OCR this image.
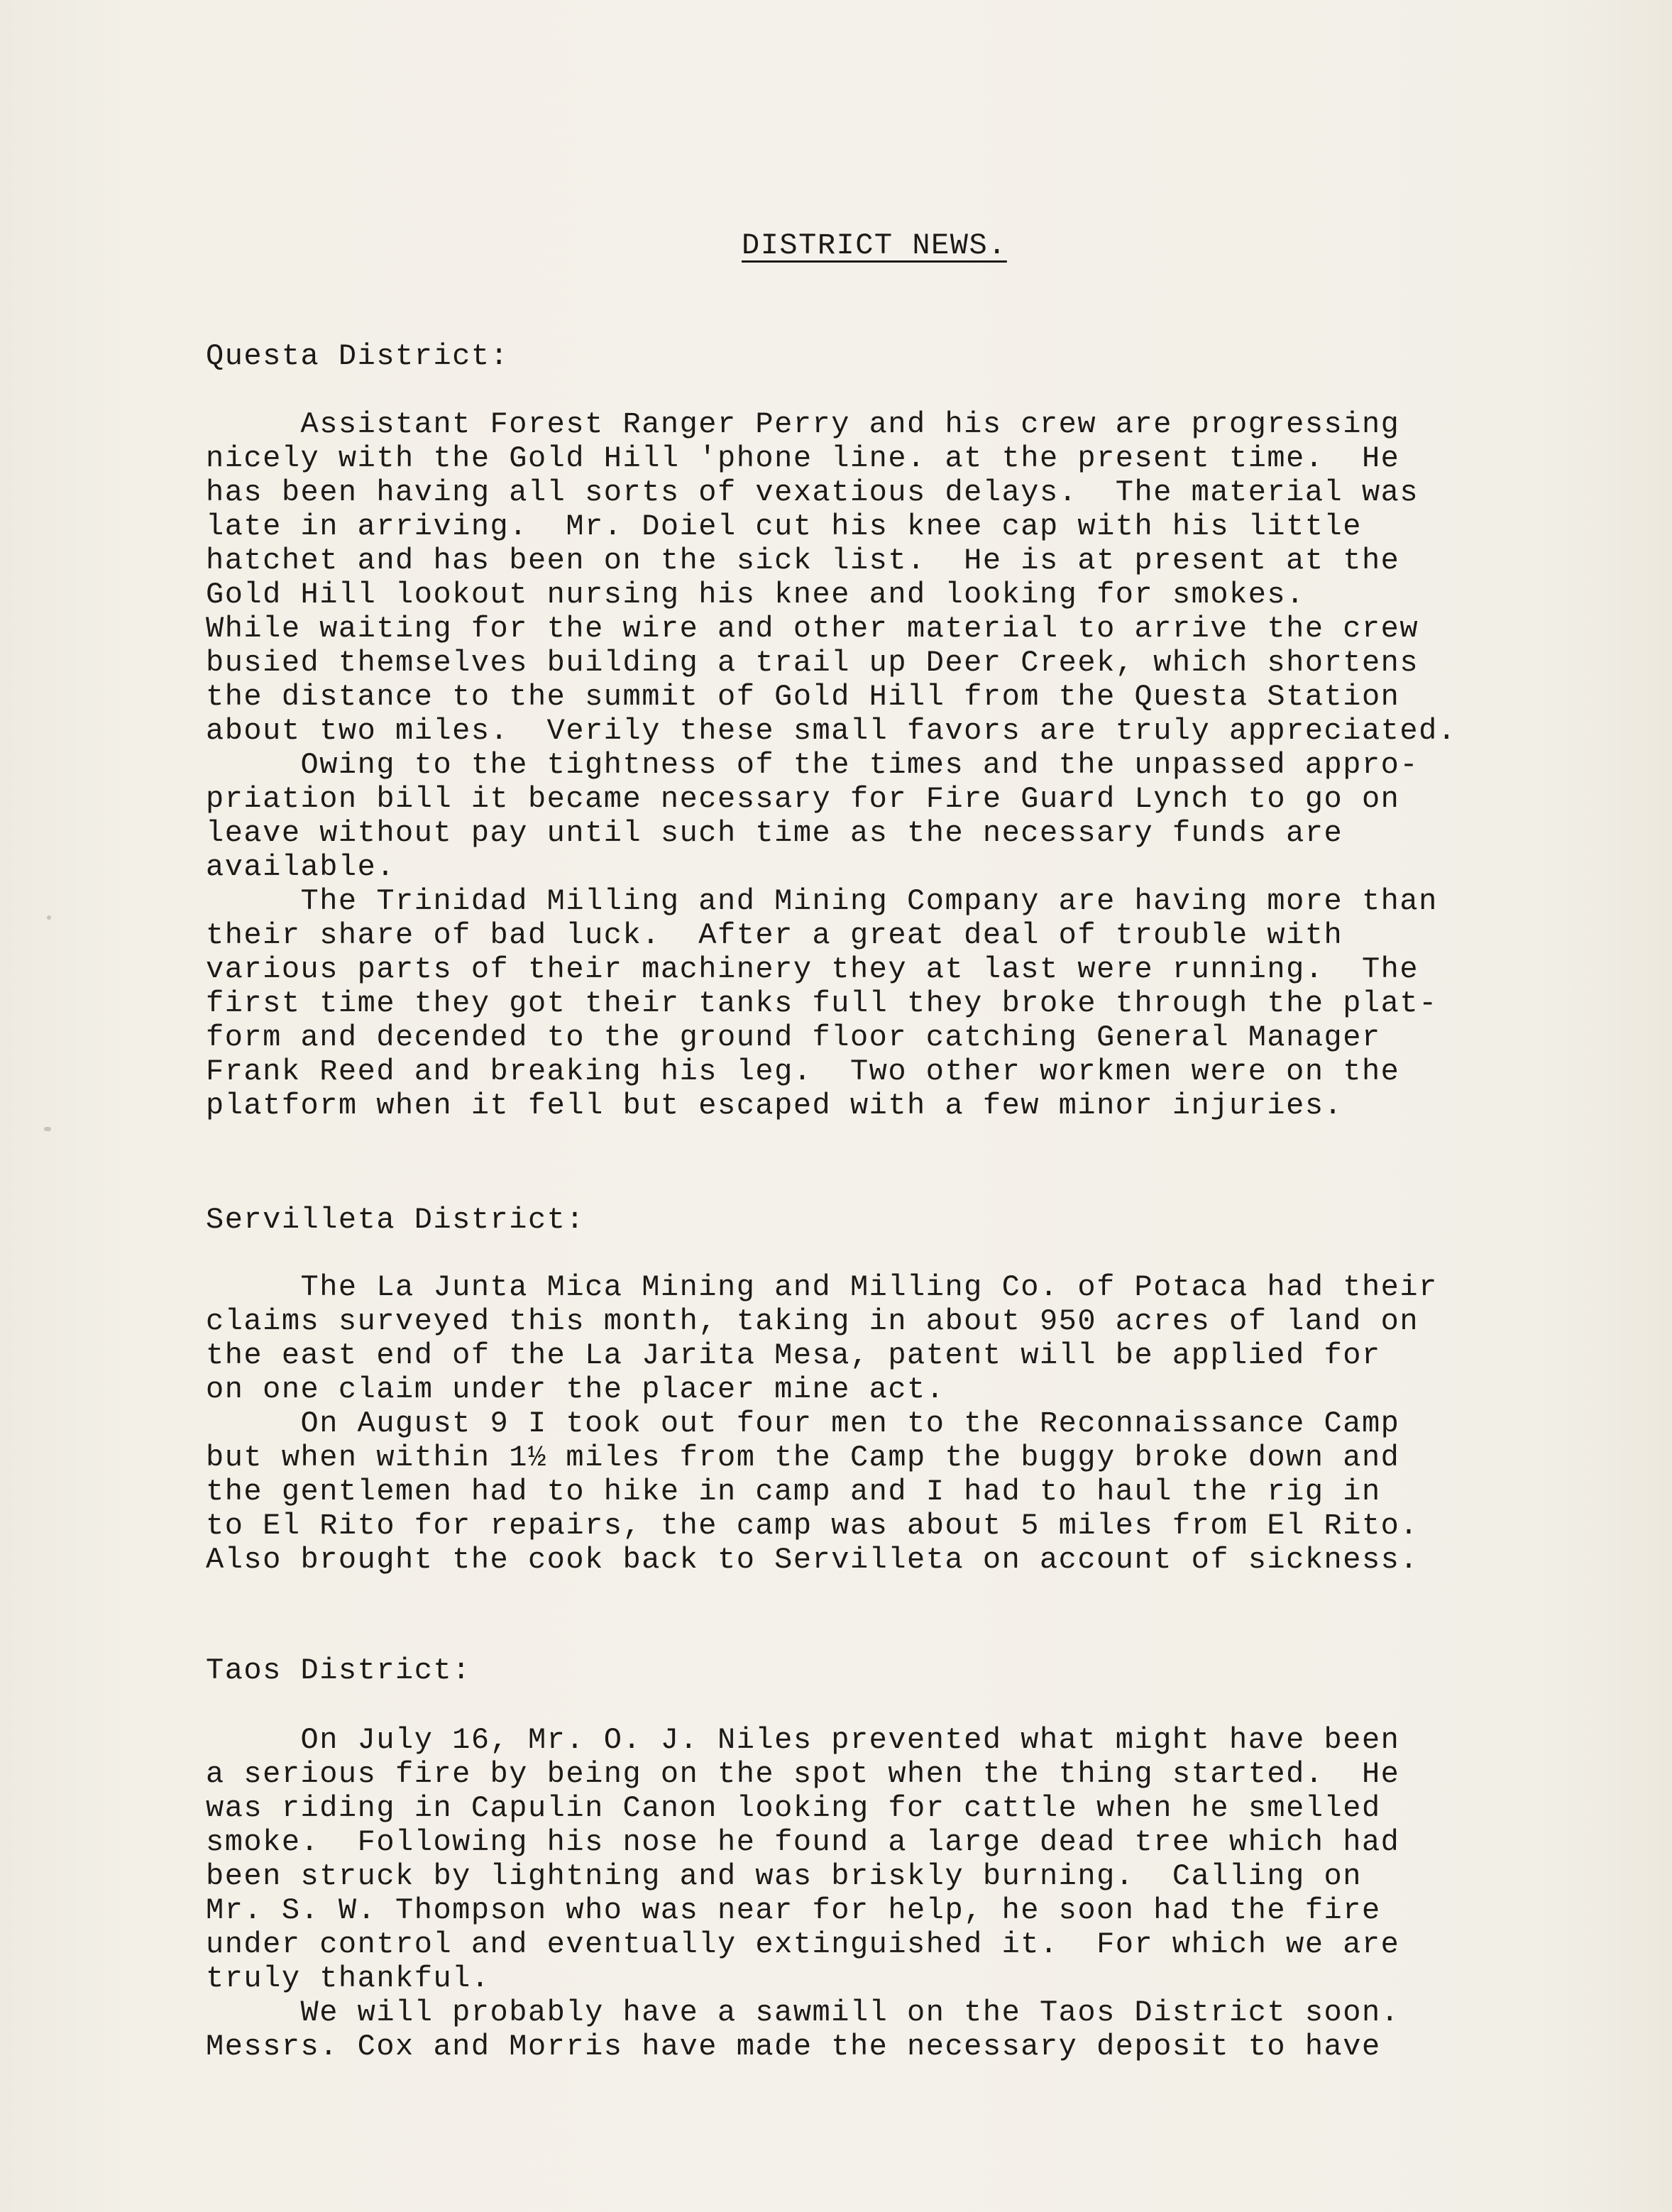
DISTRICT NEWS.
Questa District:
Assistant Forest Ranger Perry and his crew are progressing
nicely with the Gold Hill 'phone line. at the present time.  He
has been having all sorts of vexatious delays.  The material was
late in arriving.  Mr. Doiel cut his knee cap with his little
hatchet and has been on the sick list.  He is at present at the
Gold Hill lookout nursing his knee and looking for smokes.
While waiting for the wire and other material to arrive the crew
busied themselves building a trail up Deer Creek, which shortens
the distance to the summit of Gold Hill from the Questa Station
about two miles.  Verily these small favors are truly appreciated.
Owing to the tightness of the times and the unpassed appro-
priation bill it became necessary for Fire Guard Lynch to go on
leave without pay until such time as the necessary funds are
available.
The Trinidad Milling and Mining Company are having more than
their share of bad luck.  After a great deal of trouble with
various parts of their machinery they at last were running.  The
first time they got their tanks full they broke through the plat-
form and decended to the ground floor catching General Manager
Frank Reed and breaking his leg.  Two other workmen were on the
platform when it fell but escaped with a few minor injuries.
Servilleta District:
The La Junta Mica Mining and Milling Co. of Potaca had their
claims surveyed this month, taking in about 950 acres of land on
the east end of the La Jarita Mesa, patent will be applied for
on one claim under the placer mine act.
On August 9 I took out four men to the Reconnaissance Camp
but when within 1½ miles from the Camp the buggy broke down and
the gentlemen had to hike in camp and I had to haul the rig in
to El Rito for repairs, the camp was about 5 miles from El Rito.
Also brought the cook back to Servilleta on account of sickness.
Taos District:
On July 16, Mr. O. J. Niles prevented what might have been
a serious fire by being on the spot when the thing started.  He
was riding in Capulin Canon looking for cattle when he smelled
smoke.  Following his nose he found a large dead tree which had
been struck by lightning and was briskly burning.  Calling on
Mr. S. W. Thompson who was near for help, he soon had the fire
under control and eventually extinguished it.  For which we are
truly thankful.
We will probably have a sawmill on the Taos District soon.
Messrs. Cox and Morris have made the necessary deposit to have
